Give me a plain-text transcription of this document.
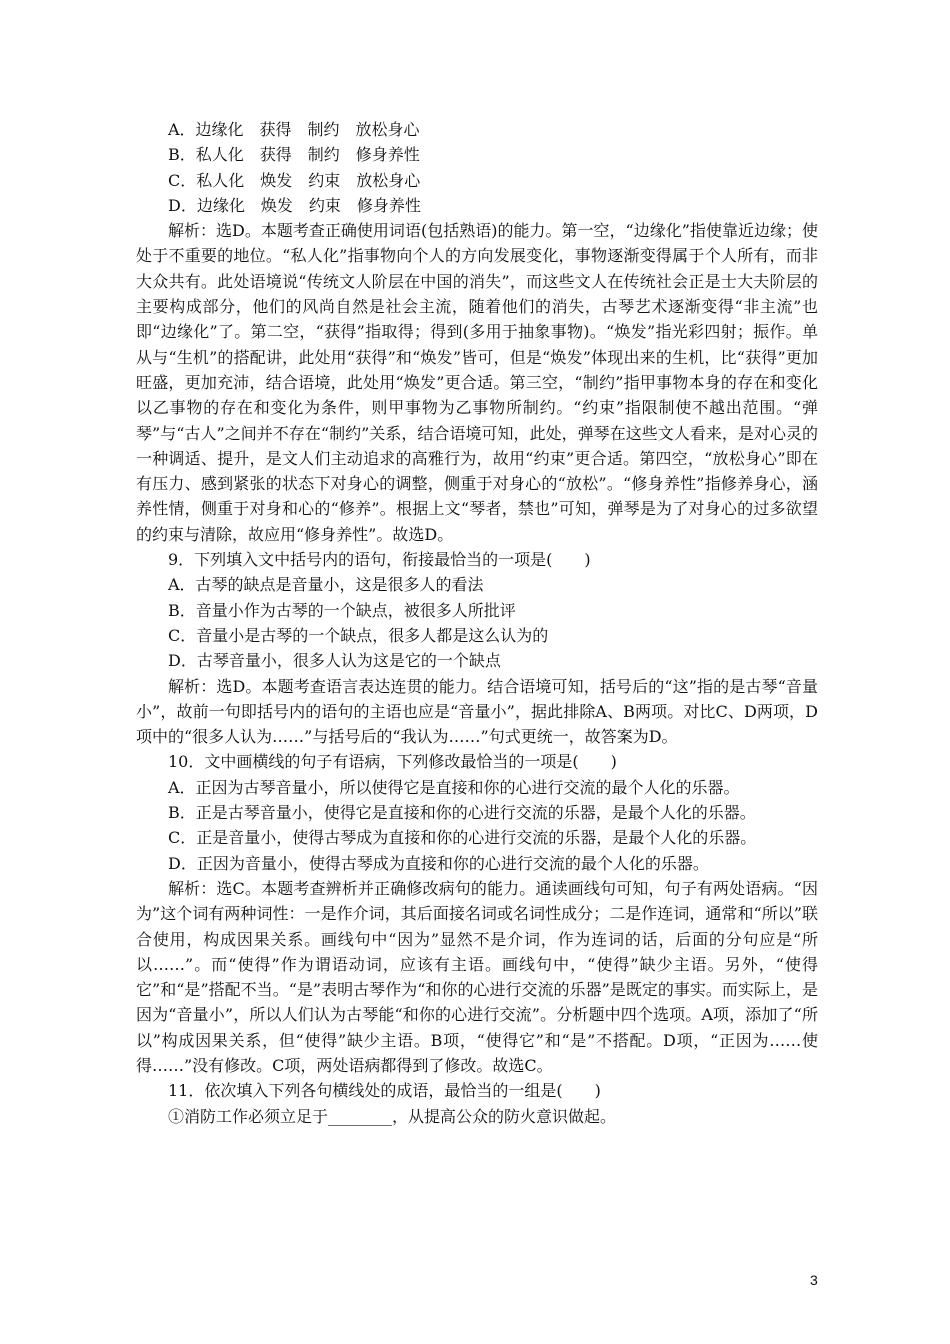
A．边缘化　获得　制约　放松身心

B．私人化　获得　制约　修身养性

C．私人化　焕发　约束　放松身心

D．边缘化　焕发　约束　修身养性

解析：选D。本题考查正确使用词语(包括熟语)的能力。第一空，“边缘化”指使靠近边缘；使处于不重要的地位。“私人化”指事物向个人的方向发展变化，事物逐渐变得属于个人所有，而非大众共有。此处语境说“传统文人阶层在中国的消失”，而这些文人在传统社会正是士大夫阶层的主要构成部分，他们的风尚自然是社会主流，随着他们的消失，古琴艺术逐渐变得“非主流”也即“边缘化”了。第二空，“获得”指取得；得到(多用于抽象事物)。“焕发”指光彩四射；振作。单从与“生机”的搭配讲，此处用“获得”和“焕发”皆可，但是“焕发”体现出来的生机，比“获得”更加旺盛，更加充沛，结合语境，此处用“焕发”更合适。第三空，“制约”指甲事物本身的存在和变化以乙事物的存在和变化为条件，则甲事物为乙事物所制约。“约束”指限制使不越出范围。“弹琴”与“古人”之间并不存在“制约”关系，结合语境可知，此处，弹琴在这些文人看来，是对心灵的一种调适、提升，是文人们主动追求的高雅行为，故用“约束”更合适。第四空，“放松身心”即在有压力、感到紧张的状态下对身心的调整，侧重于对身心的“放松”。“修身养性”指修养身心，涵养性情，侧重于对身和心的“修养”。根据上文“琴者，禁也”可知，弹琴是为了对身心的过多欲望的约束与清除，故应用“修身养性”。故选D。

9．下列填入文中括号内的语句，衔接最恰当的一项是(　　)

A．古琴的缺点是音量小，这是很多人的看法

B．音量小作为古琴的一个缺点，被很多人所批评

C．音量小是古琴的一个缺点，很多人都是这么认为的

D．古琴音量小，很多人认为这是它的一个缺点

解析：选D。本题考查语言表达连贯的能力。结合语境可知，括号后的“这”指的是古琴“音量小”，故前一句即括号内的语句的主语也应是“音量小”，据此排除A、B两项。对比C、D两项，D项中的“很多人认为……”与括号后的“我认为……”句式更统一，故答案为D。

10．文中画横线的句子有语病，下列修改最恰当的一项是(　　)

A．正因为古琴音量小，所以使得它是直接和你的心进行交流的最个人化的乐器。

B．正是古琴音量小，使得它是直接和你的心进行交流的乐器，是最个人化的乐器。

C．正是音量小，使得古琴成为直接和你的心进行交流的乐器，是最个人化的乐器。

D．正因为音量小，使得古琴成为直接和你的心进行交流的最个人化的乐器。

解析：选C。本题考查辨析并正确修改病句的能力。通读画线句可知，句子有两处语病。“因为”这个词有两种词性：一是作介词，其后面接名词或名词性成分；二是作连词，通常和“所以”联合使用，构成因果关系。画线句中“因为”显然不是介词，作为连词的话，后面的分句应是“所以……”。而“使得”作为谓语动词，应该有主语。画线句中，“使得”缺少主语。另外，“使得它”和“是”搭配不当。“是”表明古琴作为“和你的心进行交流的乐器”是既定的事实。而实际上，是因为“音量小”，所以人们认为古琴能“和你的心进行交流”。分析题中四个选项。A项，添加了“所以”构成因果关系，但“使得”缺少主语。B项，“使得它”和“是”不搭配。D项，“正因为……使得……”没有修改。C项，两处语病都得到了修改。故选C。

11．依次填入下列各句横线处的成语，最恰当的一组是(　　)

①消防工作必须立足于________，从提高公众的防火意识做起。

3
